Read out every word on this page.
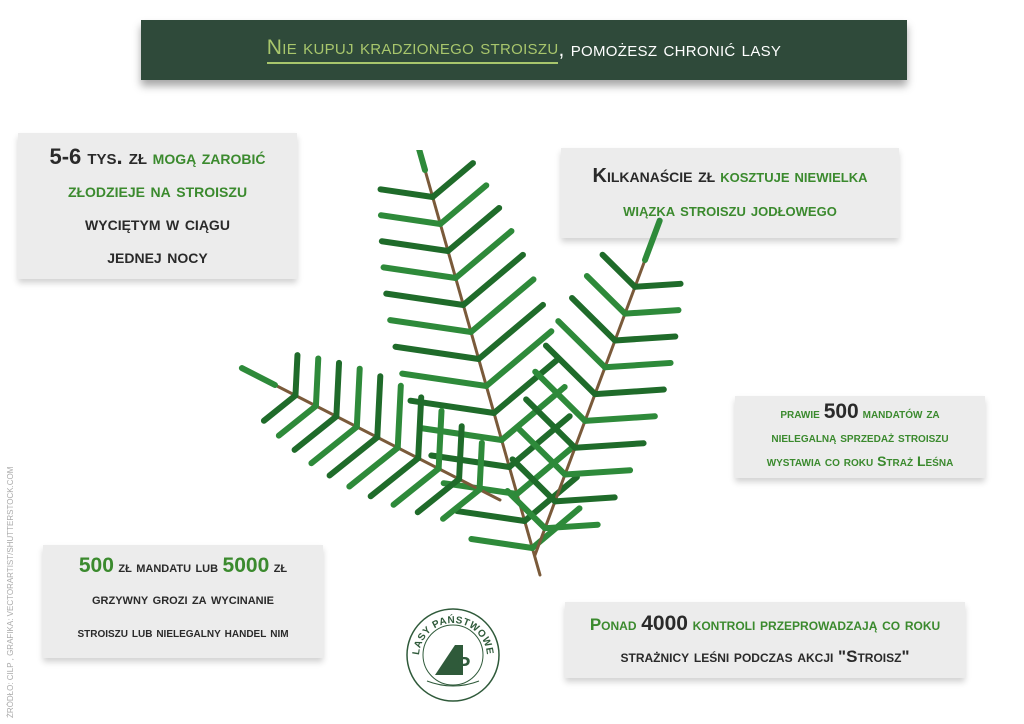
Nie kupuj kradzionego stroiszu , pomożesz chronić lasy
5-6 tys. zł mogą zarobić
złodzieje na stroiszu
wyciętym w ciągu
jednej nocy
Kilkanaście zł kosztuje niewielka
wiązka stroiszu jodłowego
prawie 500 mandatów za
nielegalną sprzedaż stroiszu
wystawia co roku Straż Leśna
500 zł mandatu lub 5000 zł
grzywny grozi za wycinanie
stroiszu lub nielegalny handel nim	Ponad 4000 kontroli przeprowadzają co roku
strażnicy leśni podczas akcji "Stroisz"
LASY PAŃSTWOWE
LP
ŹRÓDŁO: CILP , GRAFIKA: VECTORARTIST/SHUTTERSTOCK.COM
